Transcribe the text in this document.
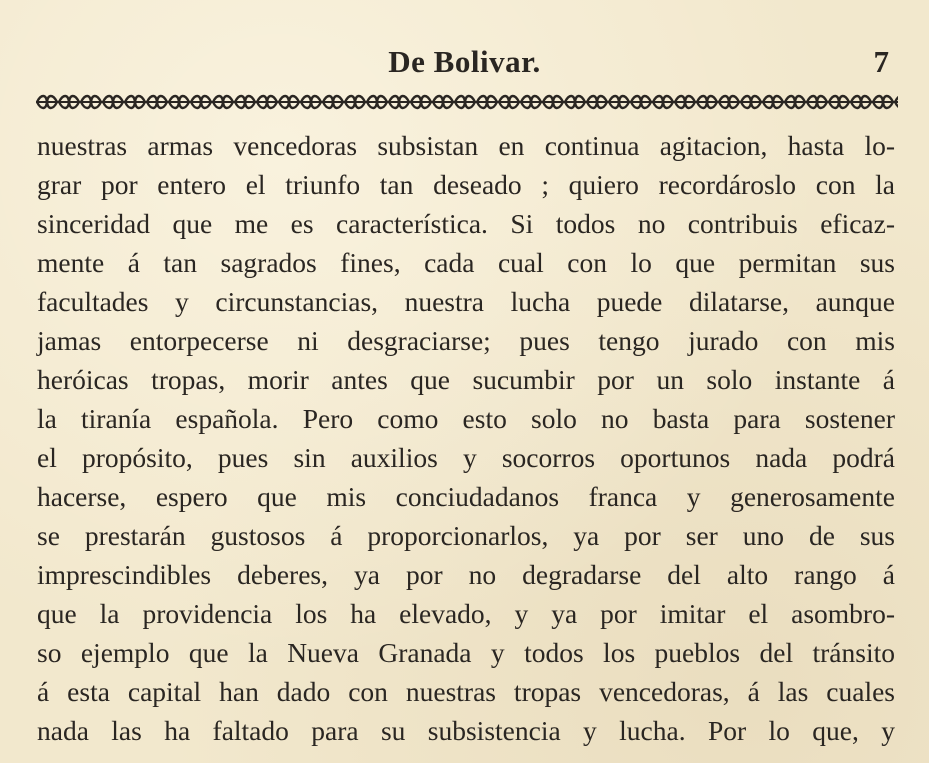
De Bolivar.	7
nuestras armas vencedoras subsistan en continua agitacion, hasta lo-
grar por entero el triunfo tan deseado ; quiero recordároslo con la
sinceridad que me es característica. Si todos no contribuis eficaz-
mente á tan sagrados fines, cada cual con lo que permitan sus
facultades y circunstancias, nuestra lucha puede dilatarse, aunque
jamas entorpecerse ni desgraciarse; pues tengo jurado con mis
heróicas tropas, morir antes que sucumbir por un solo instante á
la tiranía española. Pero como esto solo no basta para sostener
el propósito, pues sin auxilios y socorros oportunos nada podrá
hacerse, espero que mis conciudadanos franca y generosamente
se prestarán gustosos á proporcionarlos, ya por ser uno de sus
imprescindibles deberes, ya por no degradarse del alto rango á
que la providencia los ha elevado, y ya por imitar el asombro-
so ejemplo que la Nueva Granada y todos los pueblos del tránsito
á esta capital han dado con nuestras tropas vencedoras, á las cuales
nada las ha faltado para su subsistencia y lucha. Por lo que, y
